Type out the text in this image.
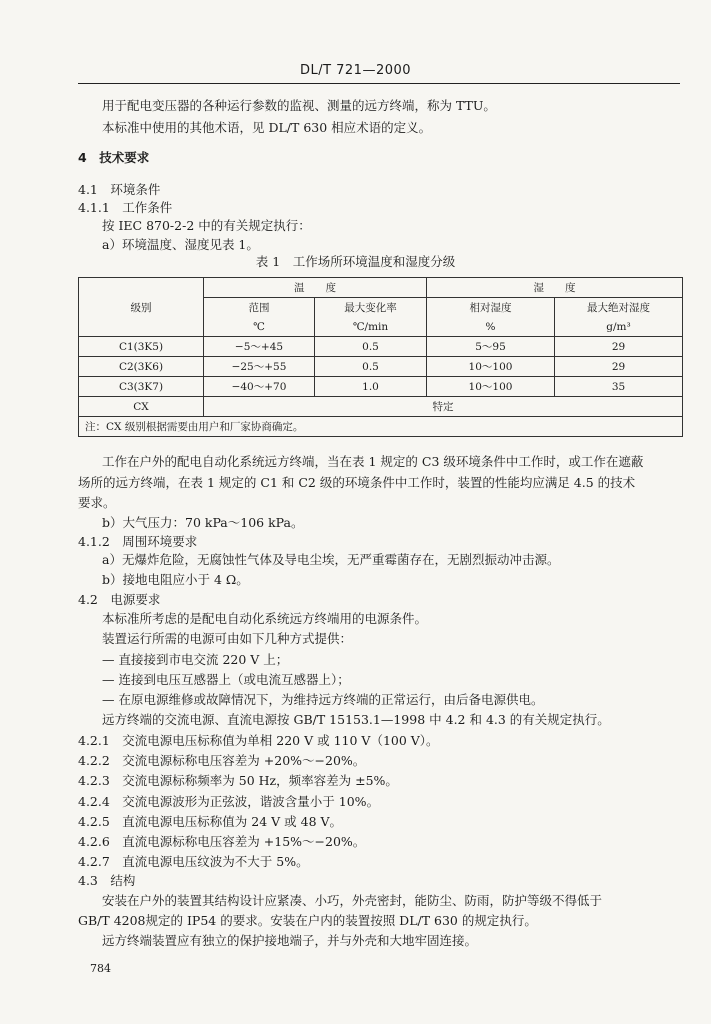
DL/T 721—2000
用于配电变压器的各种运行参数的监视、测量的远方终端，称为 TTU。
本标准中使用的其他术语，见 DL/T 630 相应术语的定义。
4　技术要求
4.1　环境条件
4.1.1　工作条件
按 IEC 870-2-2 中的有关规定执行：
a）环境温度、湿度见表 1。
表 1　工作场所环境温度和湿度分级
级别	温　　度		湿　　度	
	范围	最大变化率	相对湿度	最大绝对湿度
	℃	℃/min	%	g/m³
C1(3K5)	−5～+45	0.5	5～95	29
C2(3K6)	−25～+55	0.5	10～100	29
C3(3K7)	−40～+70	1.0	10～100	35
CX	特定			
注：CX 级别根据需要由用户和厂家协商确定。				
工作在户外的配电自动化系统远方终端，当在表 1 规定的 C3 级环境条件中工作时，或工作在遮蔽
场所的远方终端，在表 1 规定的 C1 和 C2 级的环境条件中工作时，装置的性能均应满足 4.5 的技术
要求。
b）大气压力：70 kPa～106 kPa。
4.1.2　周围环境要求
a）无爆炸危险，无腐蚀性气体及导电尘埃，无严重霉菌存在，无剧烈振动冲击源。
b）接地电阻应小于 4 Ω。
4.2　电源要求
本标准所考虑的是配电自动化系统远方终端用的电源条件。
装置运行所需的电源可由如下几种方式提供：
— 直接接到市电交流 220 V 上；
— 连接到电压互感器上（或电流互感器上）；
— 在原电源维修或故障情况下，为维持远方终端的正常运行，由后备电源供电。
远方终端的交流电源、直流电源按 GB/T 15153.1—1998 中 4.2 和 4.3 的有关规定执行。
4.2.1　交流电源电压标称值为单相 220 V 或 110 V（100 V）。
4.2.2　交流电源标称电压容差为 +20%～−20%。
4.2.3　交流电源标称频率为 50 Hz，频率容差为 ±5%。
4.2.4　交流电源波形为正弦波，谐波含量小于 10%。
4.2.5　直流电源电压标称值为 24 V 或 48 V。
4.2.6　直流电源标称电压容差为 +15%～−20%。
4.2.7　直流电源电压纹波为不大于 5%。
4.3　结构
安装在户外的装置其结构设计应紧凑、小巧，外壳密封，能防尘、防雨，防护等级不得低于
GB/T 4208规定的 IP54 的要求。安装在户内的装置按照 DL/T 630 的规定执行。
远方终端装置应有独立的保护接地端子，并与外壳和大地牢固连接。
784
